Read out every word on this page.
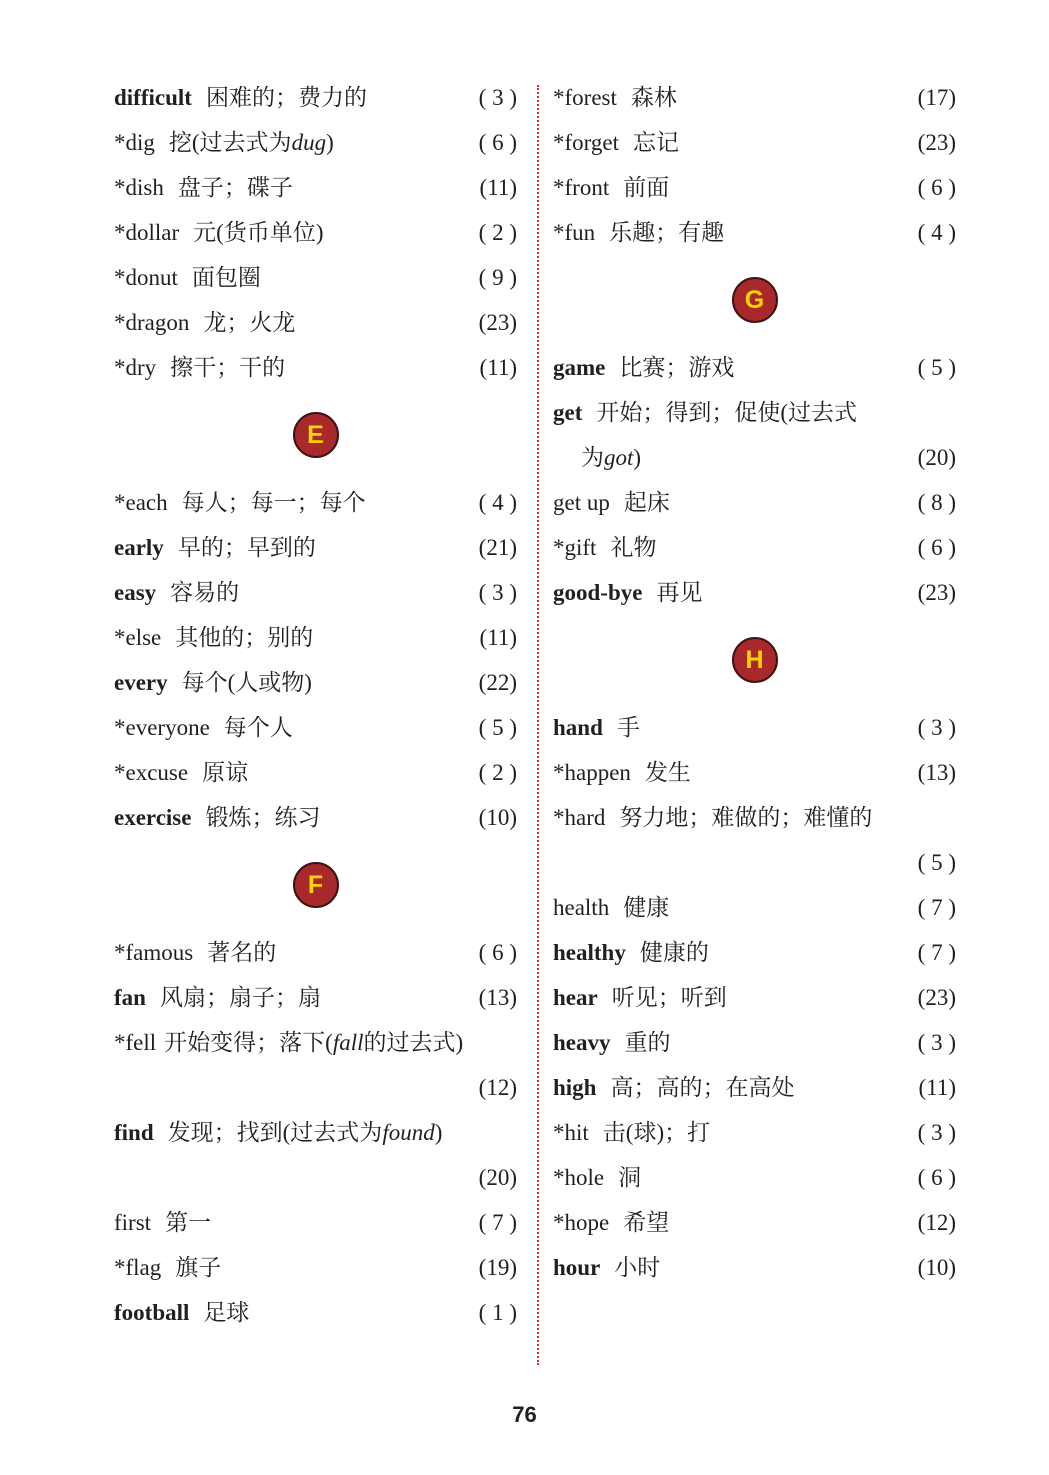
difficult 困难的；费力的	( 3 )
*dig 挖(过去式为dug)	( 6 )
*dish 盘子；碟子	(11)
*dollar 元(货币单位)	( 2 )
*donut 面包圈	( 9 )
*dragon 龙；火龙	(23)
*dry 擦干；干的	(11)
E
*each 每人；每一；每个	( 4 )
early 早的；早到的	(21)
easy 容易的	( 3 )
*else 其他的；别的	(11)
every 每个(人或物)	(22)
*everyone 每个人	( 5 )
*excuse 原谅	( 2 )
exercise 锻炼；练习	(10)
F
*famous 著名的	( 6 )
fan 风扇；扇子；扇	(13)
*fell 开始变得；落下(fall的过去式)
(12)
find 发现；找到(过去式为found)
(20)
first 第一	( 7 )
*flag 旗子	(19)
football 足球	( 1 )
*forest 森林	(17)
*forget 忘记	(23)
*front 前面	( 6 )
*fun 乐趣；有趣	( 4 )
G
game 比赛；游戏	( 5 )
get 开始；得到；促使(过去式
为got)	(20)
get up 起床	( 8 )
*gift 礼物	( 6 )
good-bye 再见	(23)
H
hand 手	( 3 )
*happen 发生	(13)
*hard 努力地；难做的；难懂的
( 5 )
health 健康	( 7 )
healthy 健康的	( 7 )
hear 听见；听到	(23)
heavy 重的	( 3 )
high 高；高的；在高处	(11)
*hit 击(球)；打	( 3 )
*hole 洞	( 6 )
*hope 希望	(12)
hour 小时	(10)
76
